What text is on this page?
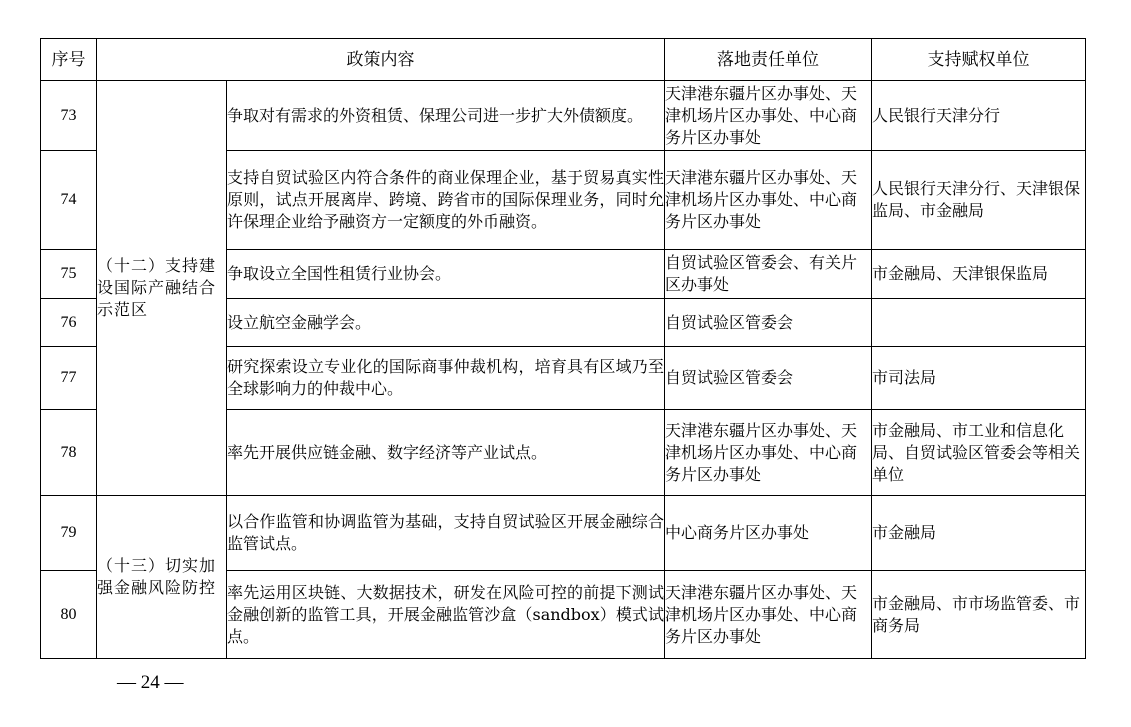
序号	政策内容		落地责任单位	支持赋权单位
73	（十二）支持建设国际产融结合示范区	争取对有需求的外资租赁、保理公司进一步扩大外债额度。	天津港东疆片区办事处、天津机场片区办事处、中心商务片区办事处	人民银行天津分行

74		支持自贸试验区内符合条件的商业保理企业，基于贸易真实性原则，试点开展离岸、跨境、跨省市的国际保理业务，同时允许保理企业给予融资方一定额度的外币融资。	天津港东疆片区办事处、天津机场片区办事处、中心商务片区办事处	人民银行天津分行、天津银保监局、市金融局

75		争取设立全国性租赁行业协会。	自贸试验区管委会、有关片区办事处	市金融局、天津银保监局

76		设立航空金融学会。	自贸试验区管委会	

77		研究探索设立专业化的国际商事仲裁机构，培育具有区域乃至全球影响力的仲裁中心。	自贸试验区管委会	市司法局

78		率先开展供应链金融、数字经济等产业试点。	天津港东疆片区办事处、天津机场片区办事处、中心商务片区办事处	市金融局、市工业和信息化局、自贸试验区管委会等相关单位

79	（十三）切实加强金融风险防控	以合作监管和协调监管为基础，支持自贸试验区开展金融综合监管试点。	中心商务片区办事处	市金融局

80		率先运用区块链、大数据技术，研发在风险可控的前提下测试金融创新的监管工具，开展金融监管沙盒（sandbox）模式试点。	天津港东疆片区办事处、天津机场片区办事处、中心商务片区办事处	市金融局、市市场监管委、市商务局
— 24 —
